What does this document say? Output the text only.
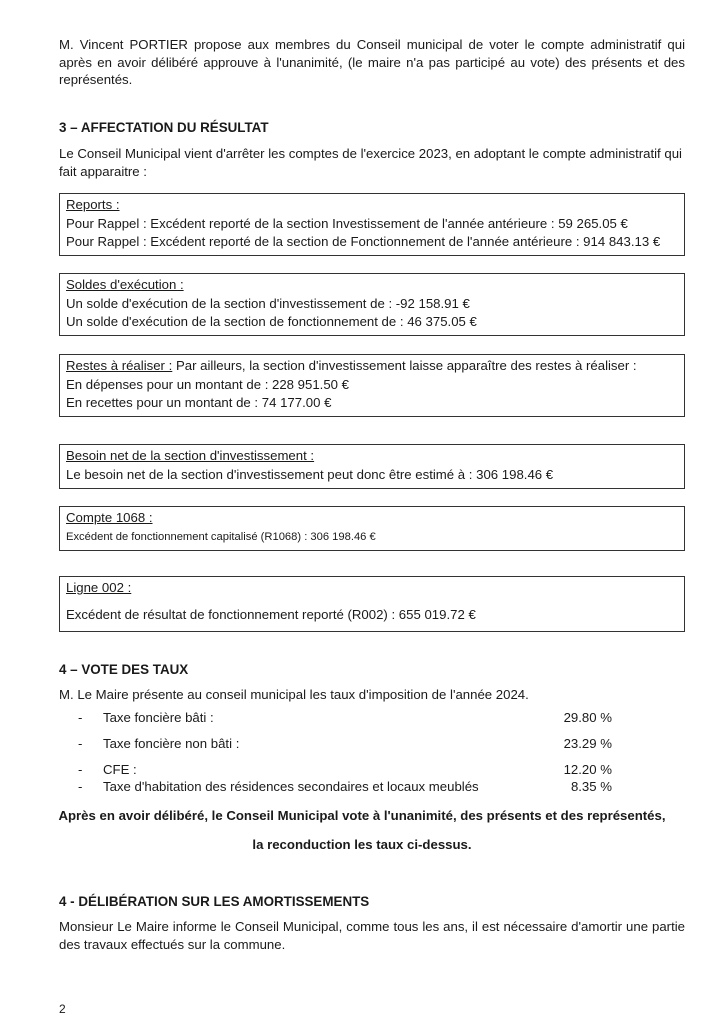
M. Vincent PORTIER propose aux membres du Conseil municipal de voter le compte administratif qui après en avoir délibéré approuve à l'unanimité, (le maire n'a pas participé au vote) des présents et des représentés.
3 – AFFECTATION DU RÉSULTAT
Le Conseil Municipal vient d'arrêter les comptes de l'exercice 2023, en adoptant le compte administratif qui fait apparaitre :
Reports :
Pour Rappel : Excédent reporté de la section Investissement de l'année antérieure : 59 265.05 €
Pour Rappel : Excédent reporté de la section de Fonctionnement de l'année antérieure : 914 843.13 €
Soldes d'exécution :
Un solde d'exécution de la section d'investissement de : -92 158.91 €
Un solde d'exécution de la section de fonctionnement de : 46 375.05 €
Restes à réaliser : Par ailleurs, la section d'investissement laisse apparaître des restes à réaliser :
En dépenses pour un montant de : 228 951.50 €
En recettes pour un montant de : 74 177.00 €
Besoin net de la section d'investissement :
Le besoin net de la section d'investissement peut donc être estimé à : 306 198.46 €
Compte 1068 :
Excédent de fonctionnement capitalisé (R1068) : 306 198.46 €
Ligne 002 :
Excédent de résultat de fonctionnement reporté (R002) : 655 019.72 €
4 – VOTE DES TAUX
M. Le Maire présente au conseil municipal les taux d'imposition de l'année 2024.
- Taxe foncière bâti :	29.80 %
- Taxe foncière non bâti :	23.29 %
- CFE :	12.20 %
- Taxe d'habitation des résidences secondaires et locaux meublés	8.35 %
Après en avoir délibéré, le Conseil Municipal vote à l'unanimité, des présents et des représentés,
la reconduction les taux ci-dessus.
4 - DÉLIBÉRATION SUR LES AMORTISSEMENTS
Monsieur Le Maire informe le Conseil Municipal, comme tous les ans, il est nécessaire d'amortir une partie des travaux effectués sur la commune.
2
